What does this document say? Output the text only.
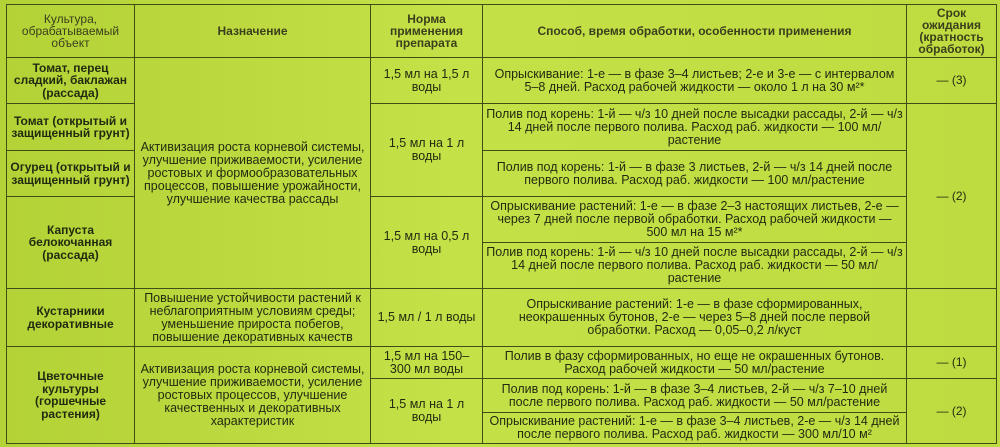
Культура, обрабатываемый объект	Назначение	Норма применения препарата	Способ, время обработки, особенности применения	Срок ожидания (кратность обработок)
Томат, перец сладкий, баклажан (рассада)	Активизация роста корневой системы, улучшение приживаемости, усиление ростовых и формообразовательных процессов, повышение урожайности, улучшение качества рассады	1,5 мл на 1,5 л воды	Опрыскивание: 1-е — в фазе 3–4 листьев; 2-е и 3-е — с интервалом 5–8 дней. Расход рабочей жидкости — около 1 л на 30 м²*	— (3)
Томат (открытый и защищенный грунт)		1,5 мл на 1 л воды	Полив под корень: 1-й — ч/з 10 дней после высадки рассады, 2-й — ч/з 14 дней после первого полива. Расход раб. жидкости — 100 мл/растение	— (2)
Огурец (открытый и защищенный грунт)			Полив под корень: 1-й — в фазе 3 листьев, 2-й — ч/з 14 дней после первого полива. Расход раб. жидкости — 100 мл/растение	
Капуста белокочанная (рассада)		1,5 мл на 0,5 л воды	Опрыскивание растений: 1-е — в фазе 2–3 настоящих листьев, 2-е — через 7 дней после первой обработки. Расход рабочей жидкости — 500 мл на 15 м²*	
			Полив под корень: 1-й — ч/з 10 дней после высадки рассады, 2-й — ч/з 14 дней после первого полива. Расход раб. жидкости — 50 мл/растение	
Кустарники декоративные	Повышение устойчивости растений к неблагоприятным условиям среды; уменьшение прироста побегов, повышение декоративных качеств	1,5 мл / 1 л воды	Опрыскивание растений: 1-е — в фазе сформированных, неокрашенных бутонов, 2-е — через 5–8 дней после первой обработки. Расход — 0,05–0,2 л/куст	
Цветочные культуры (горшечные растения)	Активизация роста корневой системы, улучшение приживаемости, усиление ростовых процессов, улучшение качественных и декоративных характеристик	1,5 мл на 150–300 мл воды	Полив в фазу сформированных, но еще не окрашенных бутонов. Расход рабочей жидкости — 50 мл/растение	— (1)
		1,5 мл на 1 л воды	Полив под корень: 1-й — в фазе 3–4 листьев, 2-й — ч/з 7–10 дней после первого полива. Расход раб. жидкости — 50 мл/растение	— (2)
			Опрыскивание растений: 1-е — в фазе 3–4 листьев, 2-е — ч/з 14 дней после первого полива. Расход раб. жидкости — 300 мл/10 м²	
